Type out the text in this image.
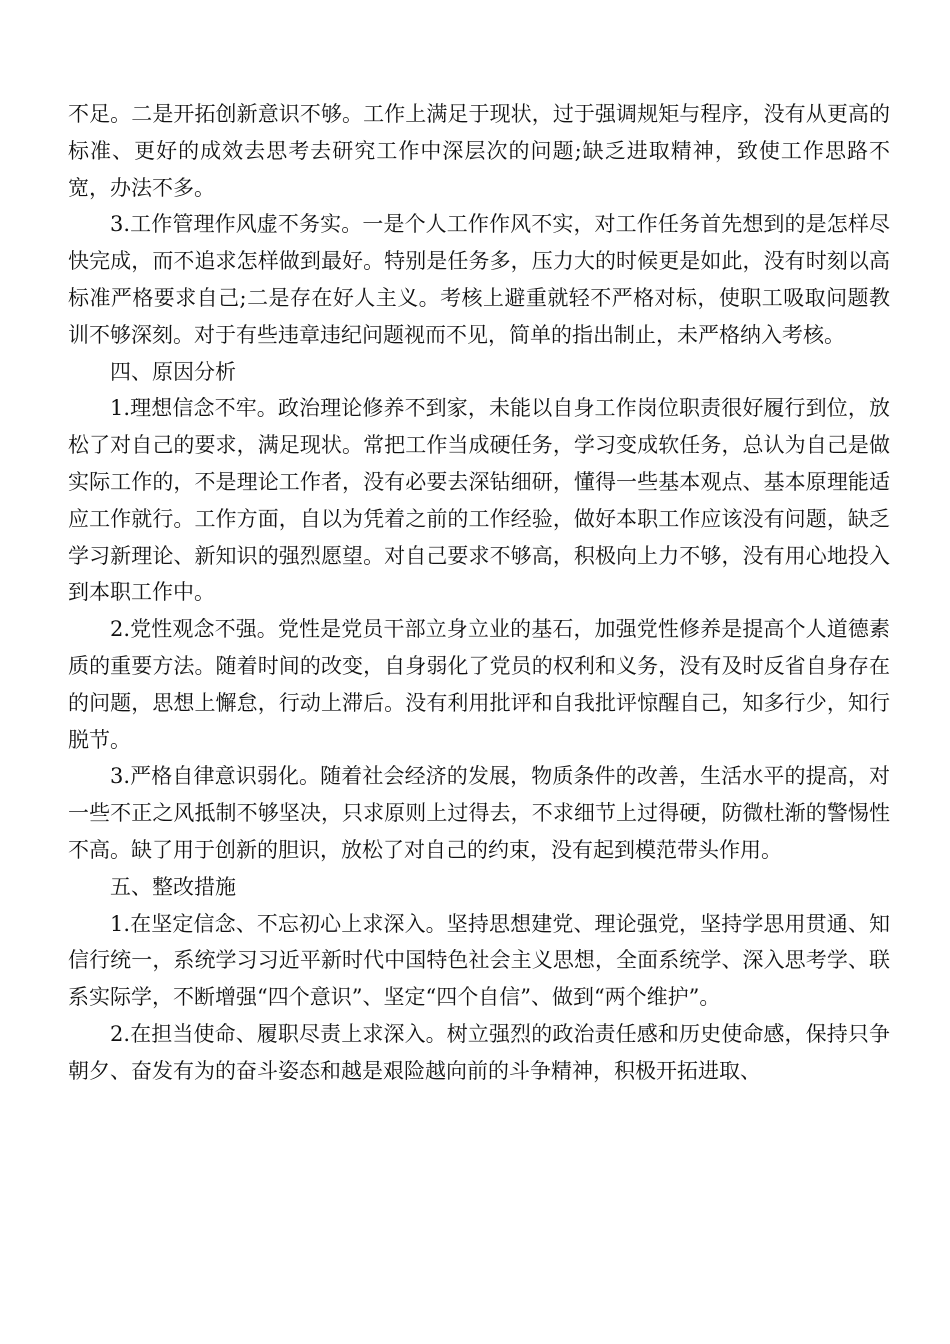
不足。二是开拓创新意识不够。工作上满足于现状，过于强调规矩与程序，没有从更高的标准、更好的成效去思考去研究工作中深层次的问题;缺乏进取精神，致使工作思路不宽，办法不多。

3.工作管理作风虚不务实。一是个人工作作风不实，对工作任务首先想到的是怎样尽快完成，而不追求怎样做到最好。特别是任务多，压力大的时候更是如此，没有时刻以高标准严格要求自己;二是存在好人主义。考核上避重就轻不严格对标，使职工吸取问题教训不够深刻。对于有些违章违纪问题视而不见，简单的指出制止，未严格纳入考核。

四、原因分析

1.理想信念不牢。政治理论修养不到家，未能以自身工作岗位职责很好履行到位，放松了对自己的要求，满足现状。常把工作当成硬任务，学习变成软任务，总认为自己是做实际工作的，不是理论工作者，没有必要去深钻细研，懂得一些基本观点、基本原理能适应工作就行。工作方面，自以为凭着之前的工作经验，做好本职工作应该没有问题，缺乏学习新理论、新知识的强烈愿望。对自己要求不够高，积极向上力不够，没有用心地投入到本职工作中。

2.党性观念不强。党性是党员干部立身立业的基石，加强党性修养是提高个人道德素质的重要方法。随着时间的改变，自身弱化了党员的权利和义务，没有及时反省自身存在的问题，思想上懈怠，行动上滞后。没有利用批评和自我批评惊醒自己，知多行少，知行脱节。

3.严格自律意识弱化。随着社会经济的发展，物质条件的改善，生活水平的提高，对一些不正之风抵制不够坚决，只求原则上过得去，不求细节上过得硬，防微杜渐的警惕性不高。缺了用于创新的胆识，放松了对自己的约束，没有起到模范带头作用。

五、整改措施

1.在坚定信念、不忘初心上求深入。坚持思想建党、理论强党，坚持学思用贯通、知信行统一，系统学习习近平新时代中国特色社会主义思想，全面系统学、深入思考学、联系实际学，不断增强“四个意识”、坚定“四个自信”、做到“两个维护”。

2.在担当使命、履职尽责上求深入。树立强烈的政治责任感和历史使命感，保持只争朝夕、奋发有为的奋斗姿态和越是艰险越向前的斗争精神，积极开拓进取、
